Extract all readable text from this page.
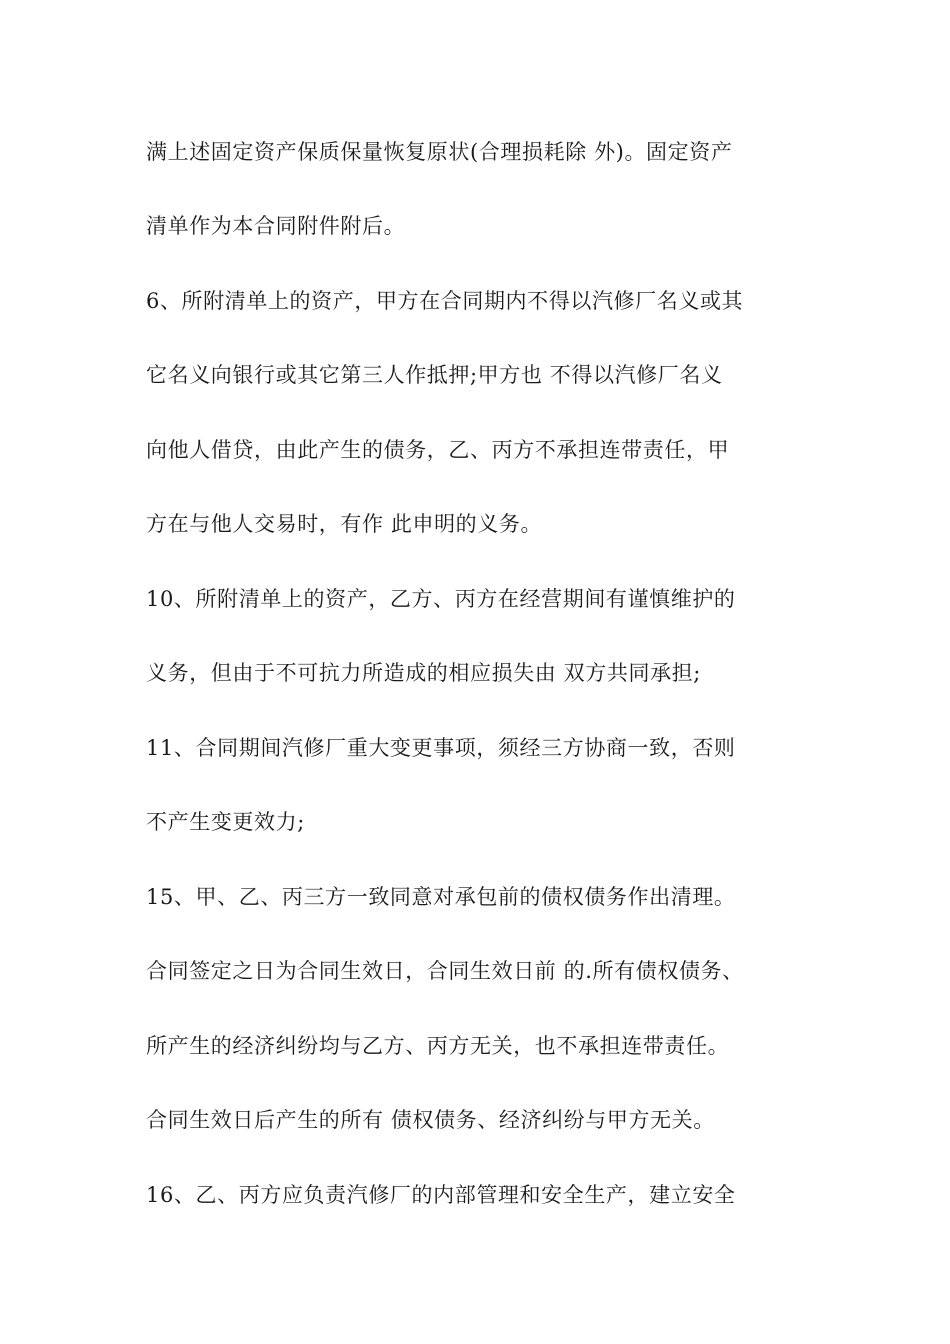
满上述固定资产保质保量恢复原状(合理损耗除 外)。固定资产
清单作为本合同附件附后。
6、所附清单上的资产，甲方在合同期内不得以汽修厂名义或其
它名义向银行或其它第三人作抵押;甲方也 不得以汽修厂名义
向他人借贷，由此产生的债务，乙、丙方不承担连带责任，甲
方在与他人交易时，有作 此申明的义务。
10、所附清单上的资产，乙方、丙方在经营期间有谨慎维护的
义务，但由于不可抗力所造成的相应损失由 双方共同承担;
11、合同期间汽修厂重大变更事项，须经三方协商一致，否则
不产生变更效力;
15、甲、乙、丙三方一致同意对承包前的债权债务作出清理。
合同签定之日为合同生效日，合同生效日前 的.所有债权债务、
所产生的经济纠纷均与乙方、丙方无关，也不承担连带责任。
合同生效日后产生的所有 债权债务、经济纠纷与甲方无关。
16、乙、丙方应负责汽修厂的内部管理和安全生产，建立安全
